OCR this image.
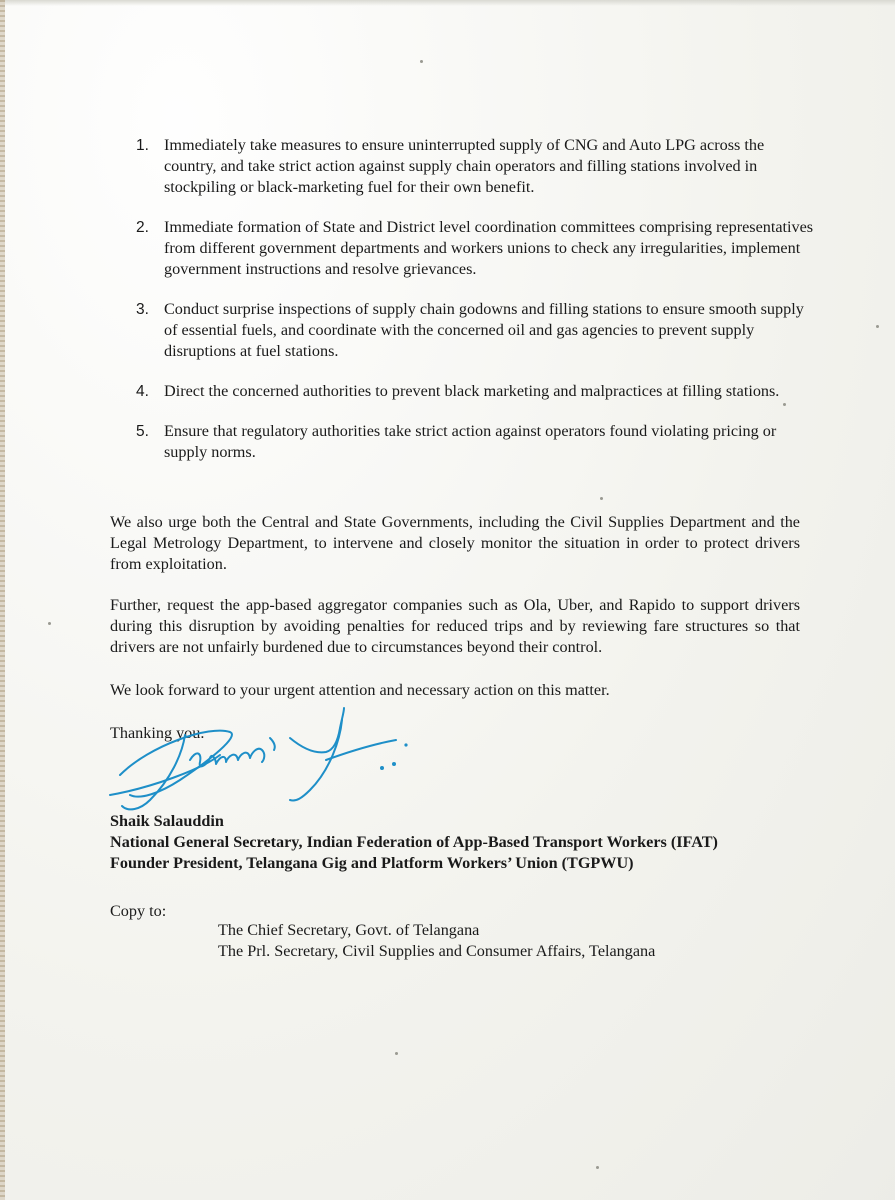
1. Immediately take measures to ensure uninterrupted supply of CNG and Auto LPG across the country, and take strict action against supply chain operators and filling stations involved in stockpiling or black-marketing fuel for their own benefit.
2. Immediate formation of State and District level coordination committees comprising representatives from different government departments and workers unions to check any irregularities, implement government instructions and resolve grievances.
3. Conduct surprise inspections of supply chain godowns and filling stations to ensure smooth supply of essential fuels, and coordinate with the concerned oil and gas agencies to prevent supply disruptions at fuel stations.
4. Direct the concerned authorities to prevent black marketing and malpractices at filling stations.
5. Ensure that regulatory authorities take strict action against operators found violating pricing or supply norms.

We also urge both the Central and State Governments, including the Civil Supplies Department and the Legal Metrology Department, to intervene and closely monitor the situation in order to protect drivers from exploitation.

Further, request the app-based aggregator companies such as Ola, Uber, and Rapido to support drivers during this disruption by avoiding penalties for reduced trips and by reviewing fare structures so that drivers are not unfairly burdened due to circumstances beyond their control.

We look forward to your urgent attention and necessary action on this matter.

Thanking you.

Shaik Salauddin

National General Secretary, Indian Federation of App-Based Transport Workers (IFAT)

Founder President, Telangana Gig and Platform Workers’ Union (TGPWU)

Copy to:

The Chief Secretary, Govt. of Telangana
The Prl. Secretary, Civil Supplies and Consumer Affairs, Telangana
